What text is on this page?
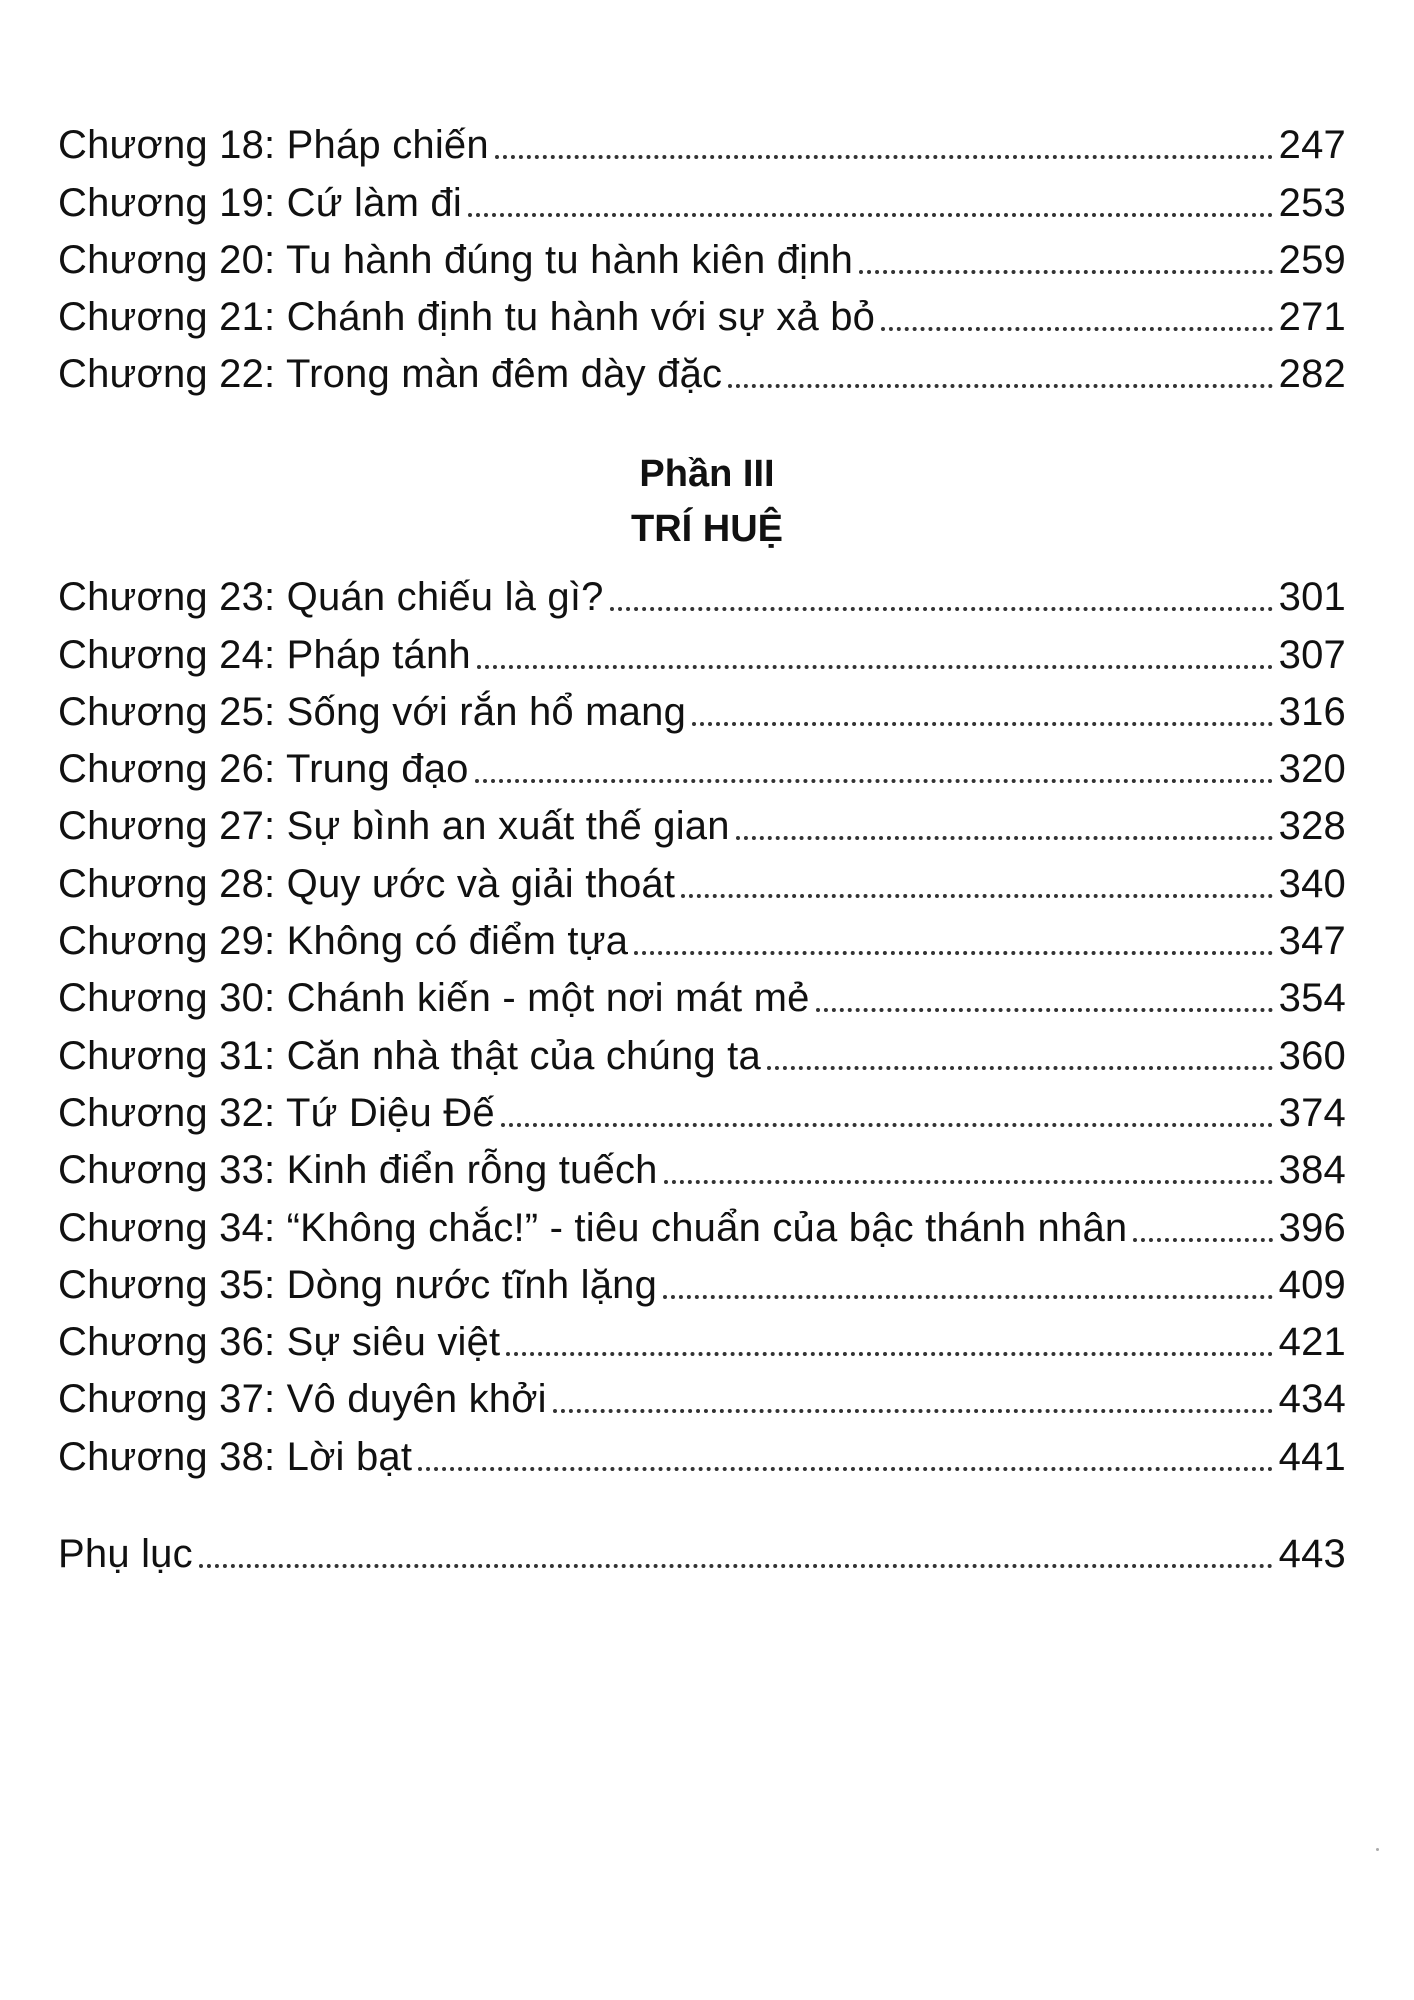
Chương 18: Pháp chiến	247
Chương 19: Cứ làm đi	253
Chương 20: Tu hành đúng tu hành kiên định	259
Chương 21: Chánh định tu hành với sự xả bỏ	271
Chương 22: Trong màn đêm dày đặc	282
Phần III
TRÍ HUỆ
Chương 23: Quán chiếu là gì?	301
Chương 24: Pháp tánh	307
Chương 25: Sống với rắn hổ mang	316
Chương 26: Trung đạo	320
Chương 27: Sự bình an xuất thế gian	328
Chương 28: Quy ước và giải thoát	340
Chương 29: Không có điểm tựa	347
Chương 30: Chánh kiến - một nơi mát mẻ	354
Chương 31: Căn nhà thật của chúng ta	360
Chương 32: Tứ Diệu Đế	374
Chương 33: Kinh điển rỗng tuếch	384
Chương 34: “Không chắc!” - tiêu chuẩn của bậc thánh nhân	396
Chương 35: Dòng nước tĩnh lặng	409
Chương 36: Sự siêu việt	421
Chương 37: Vô duyên khởi	434
Chương 38: Lời bạt	441
Phụ lục	443
